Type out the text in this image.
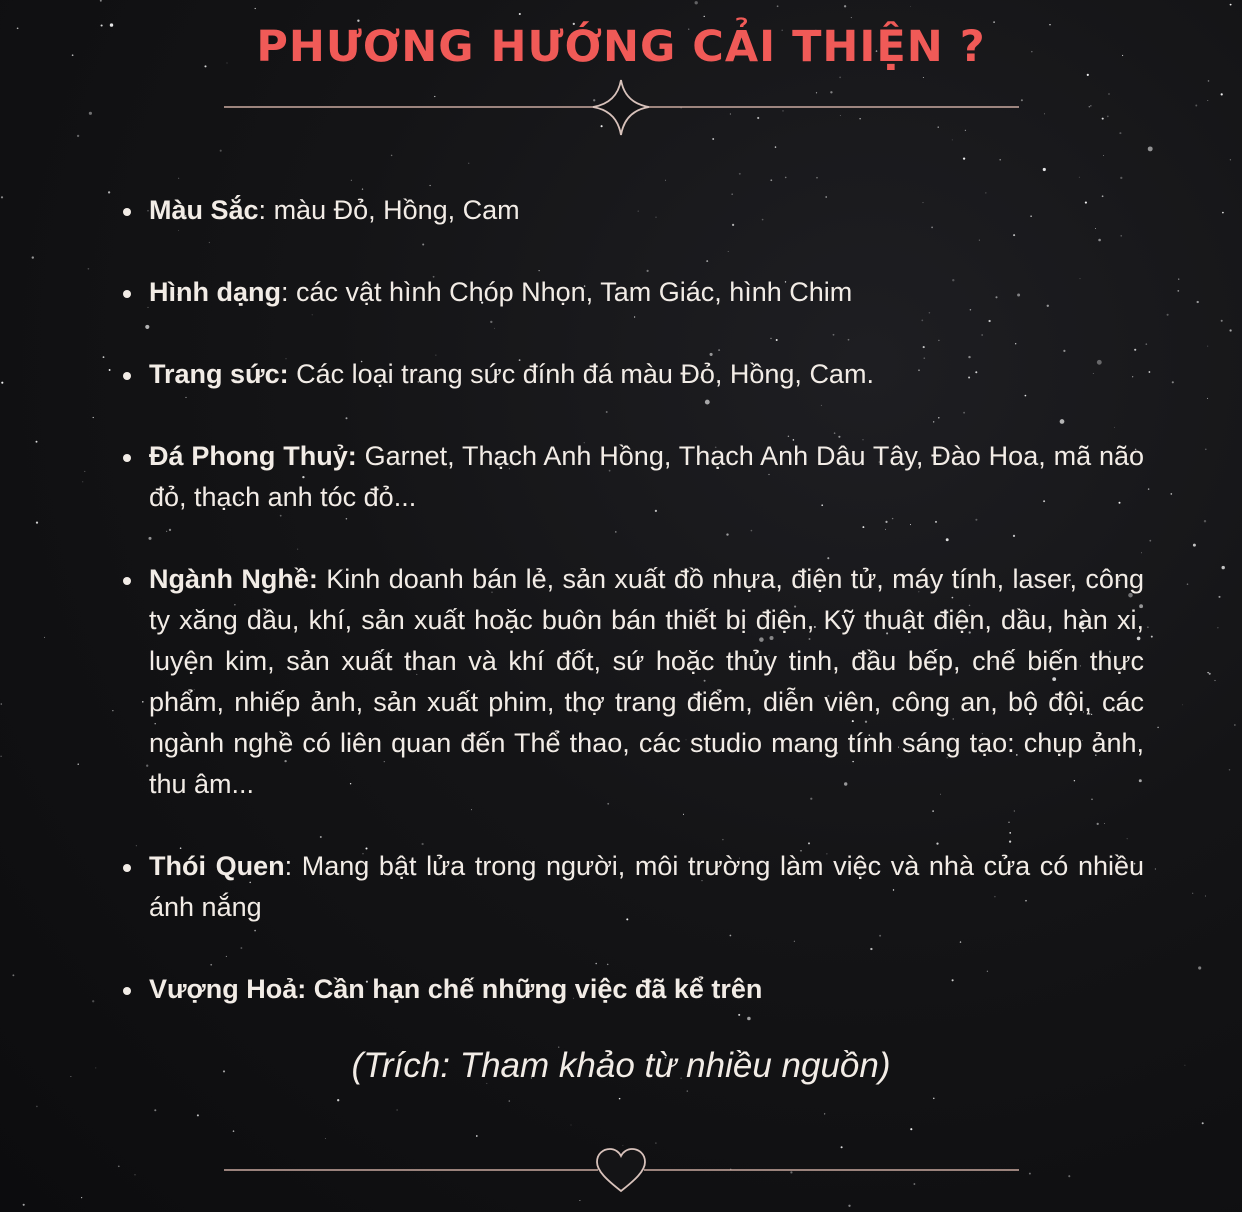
PHƯƠNG HƯỚNG CẢI THIỆN ?
Màu Sắc: màu Đỏ, Hồng, Cam
Hình dạng: các vật hình Chóp Nhọn, Tam Giác, hình Chim
Trang sức: Các loại trang sức đính đá màu Đỏ, Hồng, Cam.
Đá Phong Thuỷ: Garnet, Thạch Anh Hồng, Thạch Anh Dâu Tây, Đào Hoa, mã não đỏ, thạch anh tóc đỏ...
Ngành Nghề: Kinh doanh bán lẻ, sản xuất đồ nhựa, điện tử, máy tính, laser, công ty xăng dầu, khí, sản xuất hoặc buôn bán thiết bị điện, Kỹ thuật điện, dầu, hàn xi, luyện kim, sản xuất than và khí đốt, sứ hoặc thủy tinh, đầu bếp, chế biến thực phẩm, nhiếp ảnh, sản xuất phim, thợ trang điểm, diễn viên, công an, bộ đội, các ngành nghề có liên quan đến Thể thao, các studio mang tính sáng tạo: chụp ảnh, thu âm...
Thói Quen: Mang bật lửa trong người, môi trường làm việc và nhà cửa có nhiều ánh nắng
Vượng Hoả: Cần hạn chế những việc đã kể trên
(Trích: Tham khảo từ nhiều nguồn)
